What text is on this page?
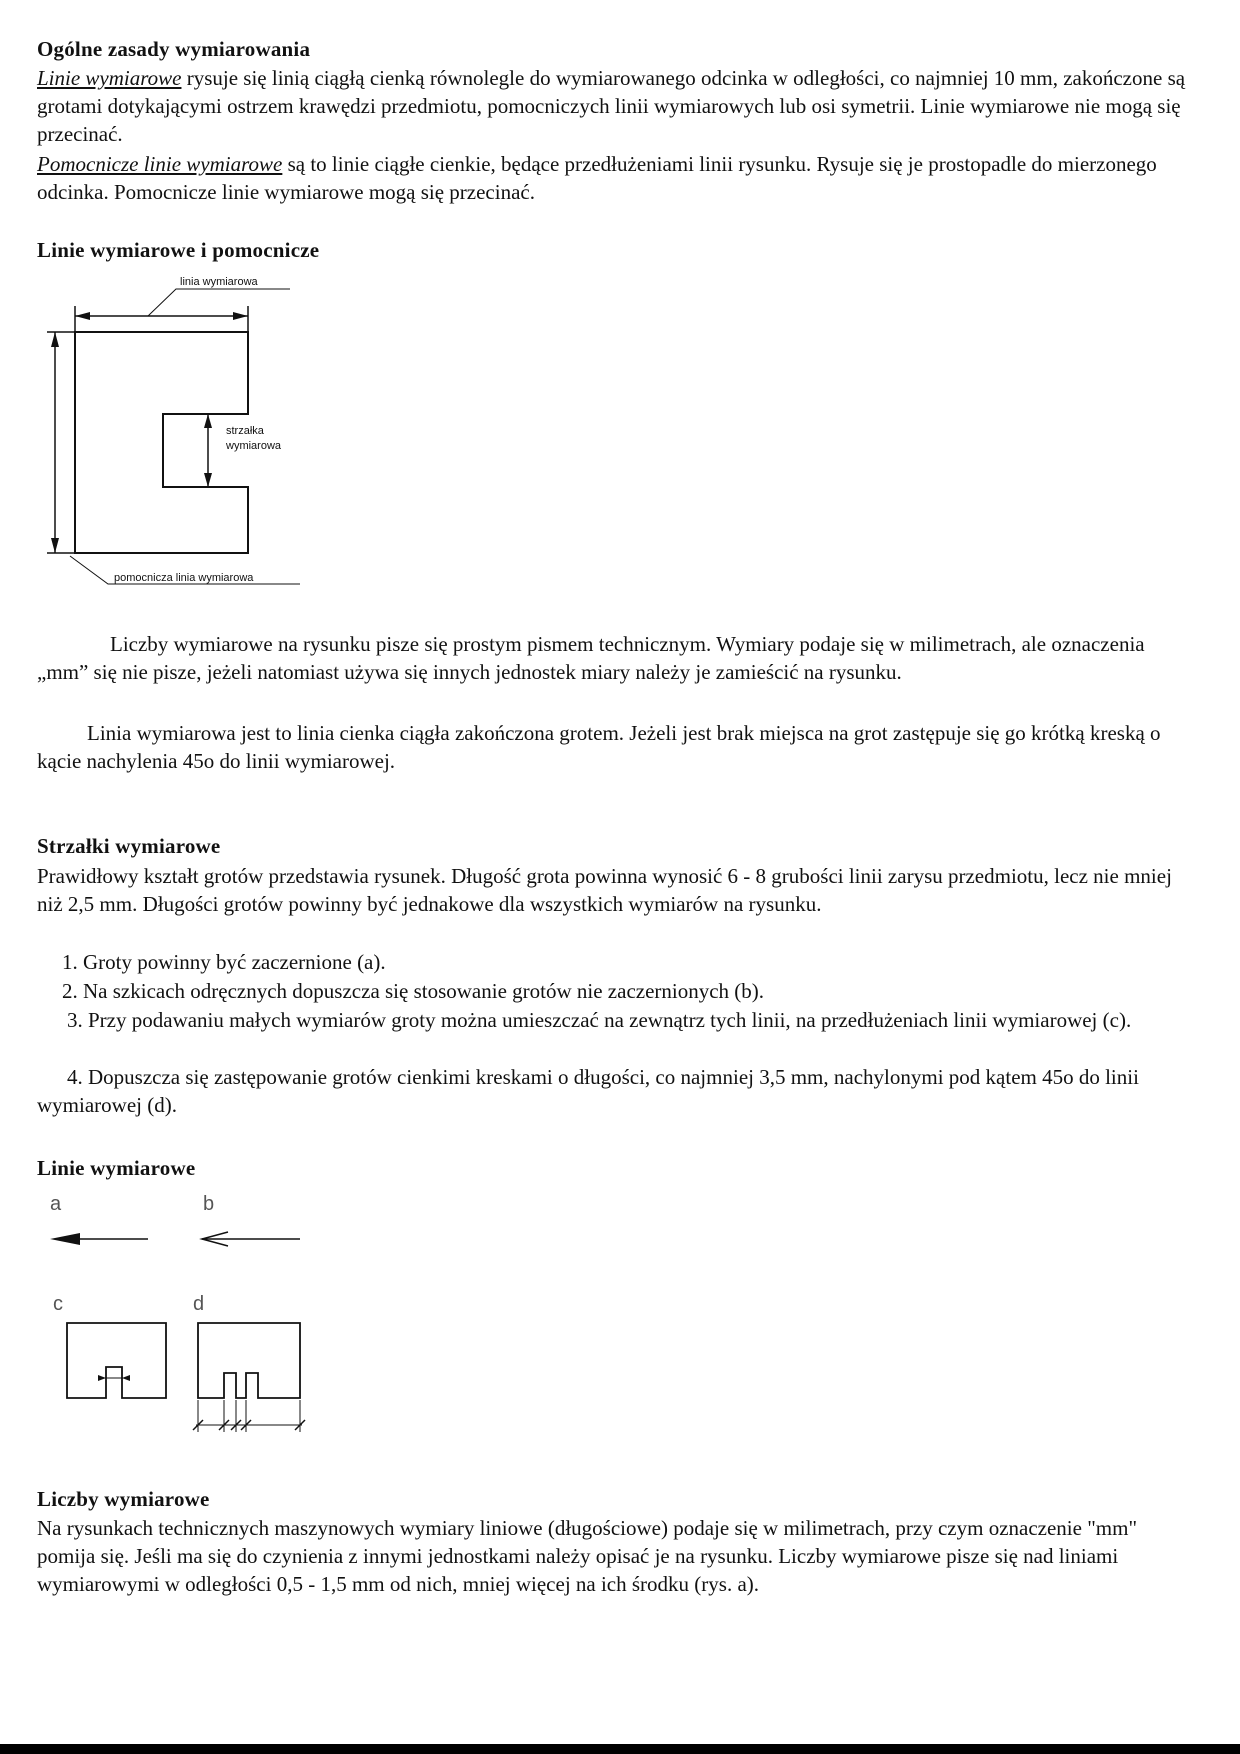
Ogólne zasady wymiarowania

Linie wymiarowe rysuje się linią ciągłą cienką równolegle do wymiarowanego odcinka w odległości, co najmniej 10 mm, zakończone są grotami dotykającymi ostrzem krawędzi przedmiotu, pomocniczych linii wymiarowych lub osi symetrii. Linie wymiarowe nie mogą się przecinać.

Pomocnicze linie wymiarowe są to linie ciągłe cienkie, będące przedłużeniami linii rysunku. Rysuje się je prostopadle do mierzonego odcinka. Pomocnicze linie wymiarowe mogą się przecinać.

Linie wymiarowe i pomocnicze
linia wymiarowa
strzałka
wymiarowa
pomocnicza linia wymiarowa

Liczby wymiarowe na rysunku pisze się prostym pismem technicznym. Wymiary podaje się w milimetrach, ale oznaczenia „mm” się nie pisze, jeżeli natomiast używa się innych jednostek miary należy je zamieścić na rysunku.

Linia wymiarowa jest to linia cienka ciągła zakończona grotem. Jeżeli jest brak miejsca na grot zastępuje się go krótką kreską o kącie nachylenia 45o do linii wymiarowej.

Strzałki wymiarowe

Prawidłowy kształt grotów przedstawia rysunek. Długość grota powinna wynosić 6 - 8 grubości linii zarysu przedmiotu, lecz nie mniej niż 2,5 mm. Długości grotów powinny być jednakowe dla wszystkich wymiarów na rysunku.

1. Groty powinny być zaczernione (a).

2. Na szkicach odręcznych dopuszcza się stosowanie grotów nie zaczernionych (b).

3. Przy podawaniu małych wymiarów groty można umieszczać na zewnątrz tych linii, na przedłużeniach linii wymiarowej (c).

4. Dopuszcza się zastępowanie grotów cienkimi kreskami o długości, co najmniej 3,5 mm, nachylonymi pod kątem 45o do linii wymiarowej (d).

Linie wymiarowe
a	b
c	d
Liczby wymiarowe

Na rysunkach technicznych maszynowych wymiary liniowe (długościowe) podaje się w milimetrach, przy czym oznaczenie "mm" pomija się. Jeśli ma się do czynienia z innymi jednostkami należy opisać je na rysunku. Liczby wymiarowe pisze się nad liniami wymiarowymi w odległości 0,5 - 1,5 mm od nich, mniej więcej na ich środku (rys. a).
